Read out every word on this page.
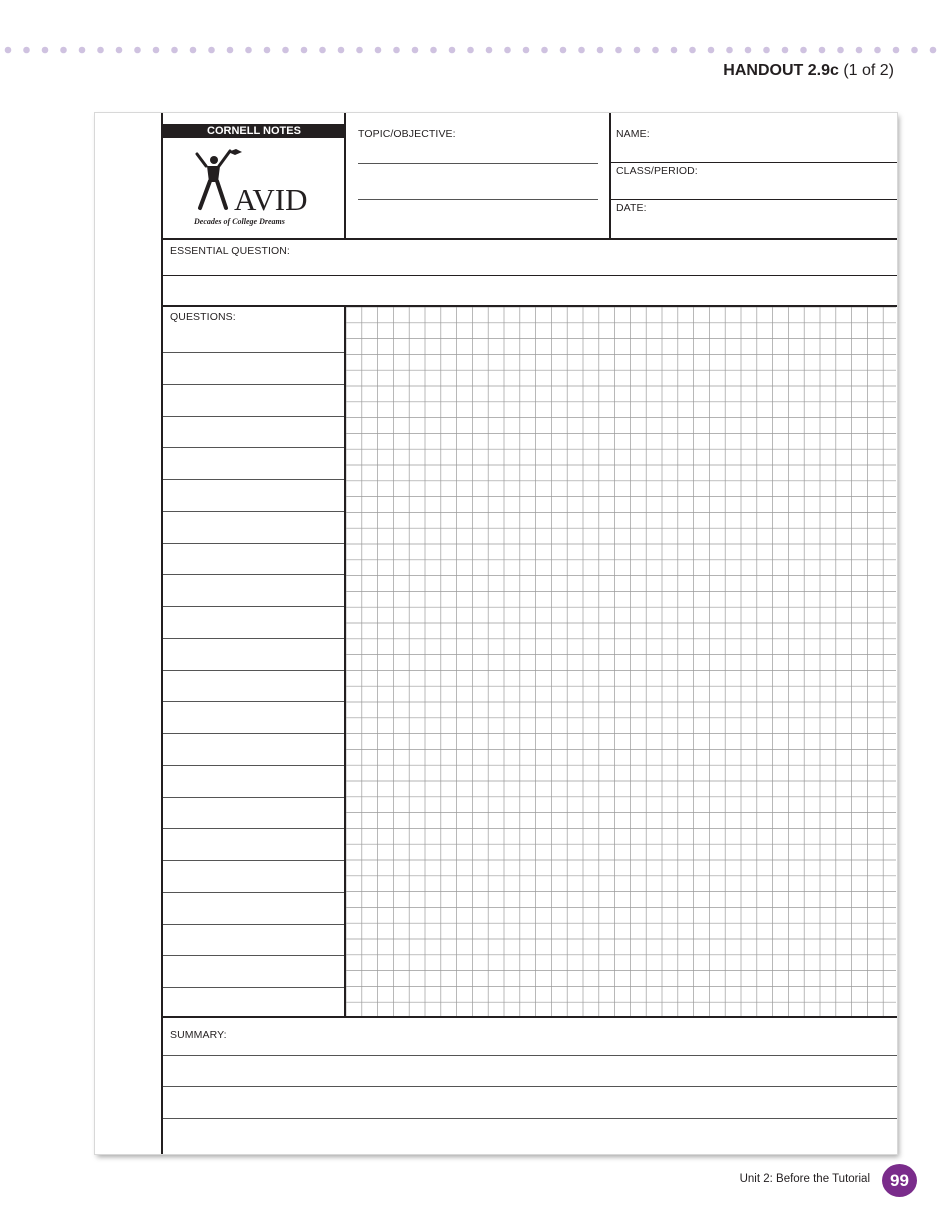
HANDOUT 2.9c (1 of 2)
CORNELL NOTES
AVID
Decades of College Dreams
TOPIC/OBJECTIVE:	NAME:
CLASS/PERIOD:
DATE:
ESSENTIAL QUESTION:
QUESTIONS:
SUMMARY:
Unit 2: Before the Tutorial	99
